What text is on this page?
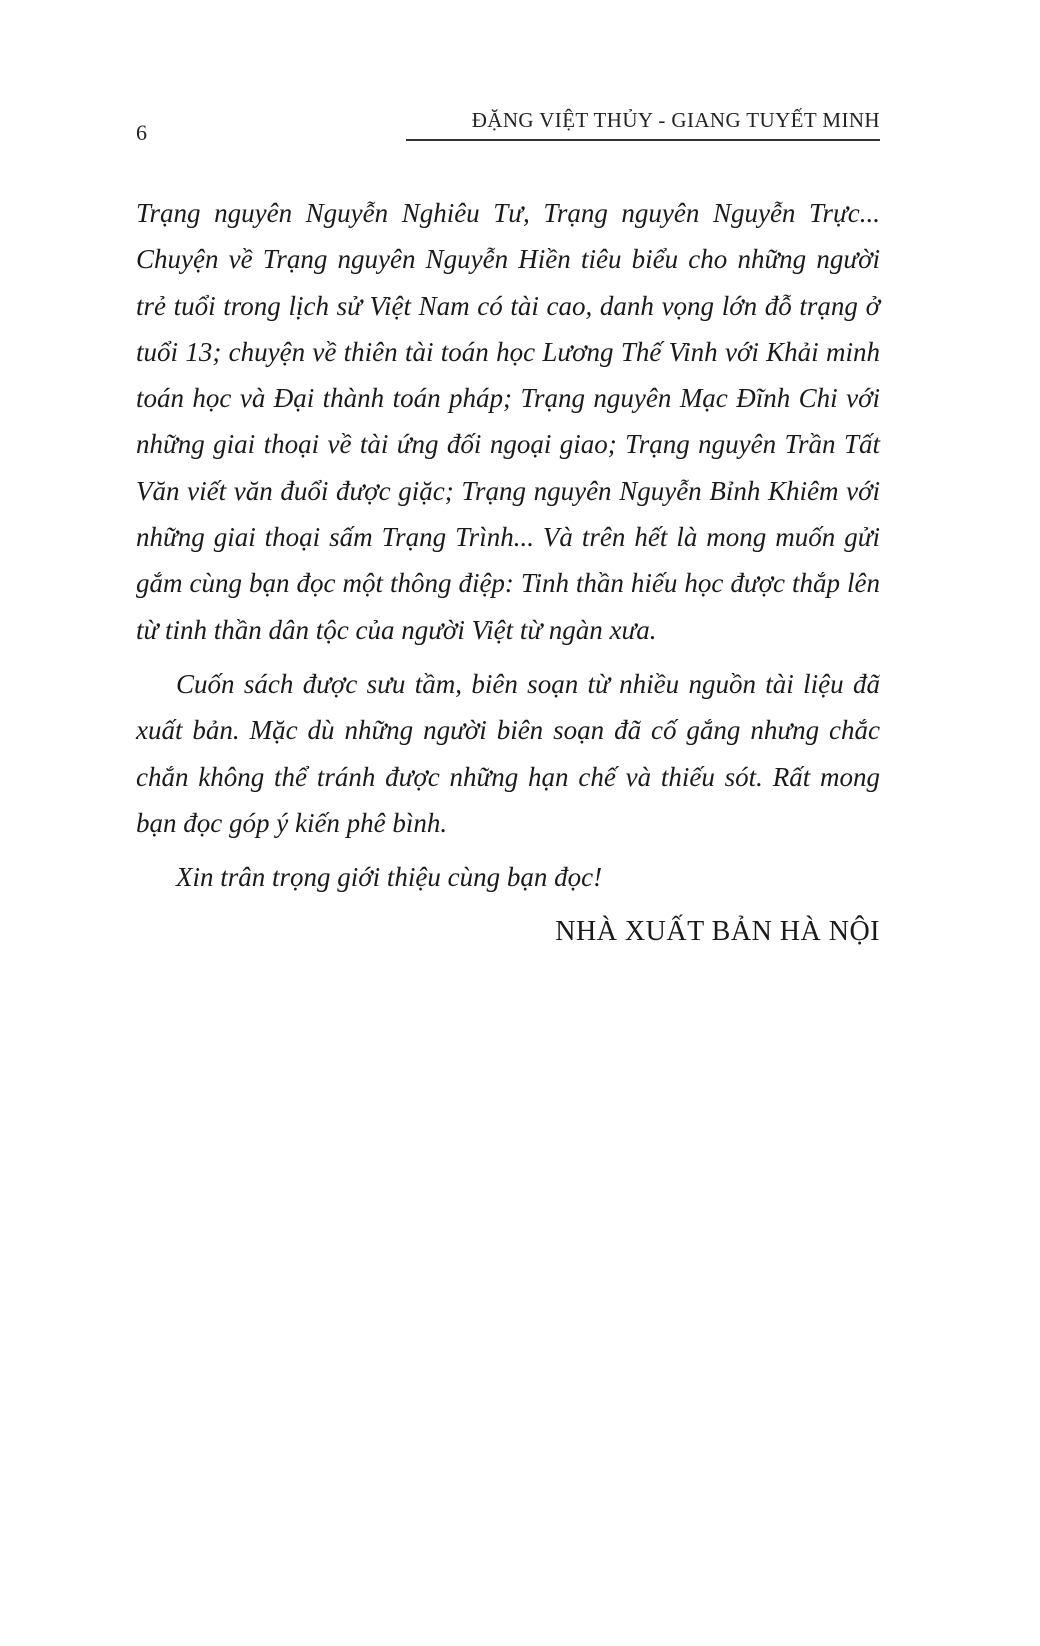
6	ĐẶNG VIỆT THỦY - GIANG TUYẾT MINH

Trạng nguyên Nguyễn Nghiêu Tư, Trạng nguyên Nguyễn Trực... Chuyện về Trạng nguyên Nguyễn Hiền tiêu biểu cho những người trẻ tuổi trong lịch sử Việt Nam có tài cao, danh vọng lớn đỗ trạng ở tuổi 13; chuyện về thiên tài toán học Lương Thế Vinh với Khải minh toán học và Đại thành toán pháp; Trạng nguyên Mạc Đĩnh Chi với những giai thoại về tài ứng đối ngoại giao; Trạng nguyên Trần Tất Văn viết văn đuổi được giặc; Trạng nguyên Nguyễn Bỉnh Khiêm với những giai thoại sấm Trạng Trình... Và trên hết là mong muốn gửi gắm cùng bạn đọc một thông điệp: Tinh thần hiếu học được thắp lên từ tinh thần dân tộc của người Việt từ ngàn xưa.

Cuốn sách được sưu tầm, biên soạn từ nhiều nguồn tài liệu đã xuất bản. Mặc dù những người biên soạn đã cố gắng nhưng chắc chắn không thể tránh được những hạn chế và thiếu sót. Rất mong bạn đọc góp ý kiến phê bình.

Xin trân trọng giới thiệu cùng bạn đọc!

NHÀ XUẤT BẢN HÀ NỘI
